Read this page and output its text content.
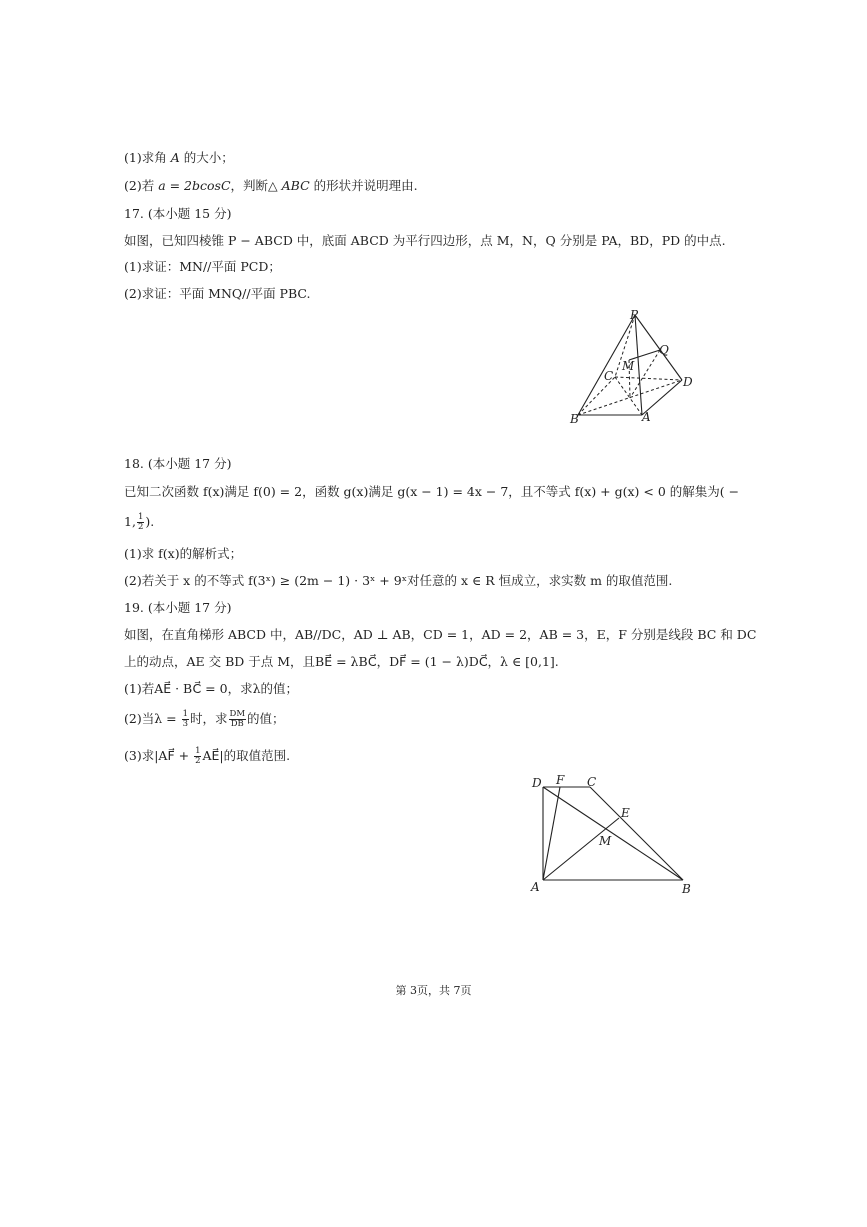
(1)求角 A 的大小；
(2)若 a = 2bcosC，判断△ ABC 的形状并说明理由.
17. (本小题 15 分)
如图，已知四棱锥 P − ABCD 中，底面 ABCD 为平行四边形，点 M，N，Q 分别是 PA，BD，PD 的中点.
(1)求证：MN//平面 PCD；
(2)求证：平面 MNQ//平面 PBC.
P
Q
M
C	D
B	A
18. (本小题 17 分)
已知二次函数 f(x)满足 f(0) = 2，函数 g(x)满足 g(x − 1) = 4x − 7，且不等式 f(x) + g(x) < 0 的解集为( −
1, $\frac{1}{2}$ ).
(1)求 f(x)的解析式；
(2)若关于 x 的不等式 f(3ˣ) ≥ (2m − 1) · 3ˣ + 9ˣ对任意的 x ∈ R 恒成立，求实数 m 的取值范围.
19. (本小题 17 分)
如图，在直角梯形 ABCD 中，AB//DC，AD ⊥ AB，CD = 1，AD = 2，AB = 3，E，F 分别是线段 BC 和 DC
上的动点，AE 交 BD 于点 M，且BE⃗ = λBC⃗，DF⃗ = (1 − λ)DC⃗，λ ∈ [0,1].
(1)若AE⃗ · BC⃗ = 0，求λ的值；
(2)当$\lambda = \frac{1}{3}$ 时，求 $\frac{DM}{DB}$ 的值；
(3)求|AF⃗ + $\frac{1}{2}$ AE⃗|的取值范围.
D F C
E
M
A	B
第 3页，共 7页
